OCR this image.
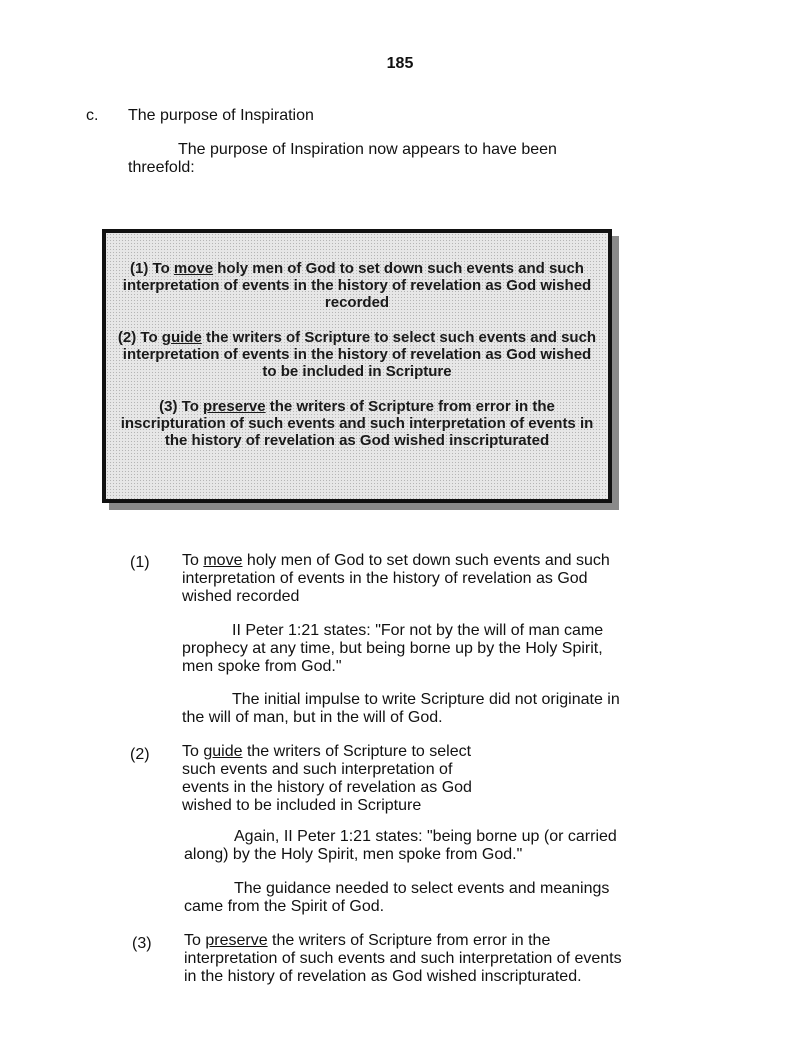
185
c. The purpose of Inspiration
The purpose of Inspiration now appears to have been threefold:
(1) To move holy men of God to set down such events and such interpretation of events in the history of revelation as God wished recorded
(2) To guide the writers of Scripture to select such events and such interpretation of events in the history of revelation as God wished to be included in Scripture
(3) To preserve the writers of Scripture from error in the inscripturation of such events and such interpretation of events in the history of revelation as God wished inscripturated
(1) To move holy men of God to set down such events and such
interpretation of events in the history of revelation as God
wished recorded
II Peter 1:21 states: "For not by the will of man came
prophecy at any time, but being borne up by the Holy Spirit,
men spoke from God."
The initial impulse to write Scripture did not originate in
the will of man, but in the will of God.
(2) To guide the writers of Scripture to select
such events and such interpretation of
events in the history of revelation as God
wished to be included in Scripture
Again, II Peter 1:21 states: "being borne up (or carried
along) by the Holy Spirit, men spoke from God."
The guidance needed to select events and meanings
came from the Spirit of God.
(3) To preserve the writers of Scripture from error in the
interpretation of such events and such interpretation of events
in the history of revelation as God wished inscripturated.
